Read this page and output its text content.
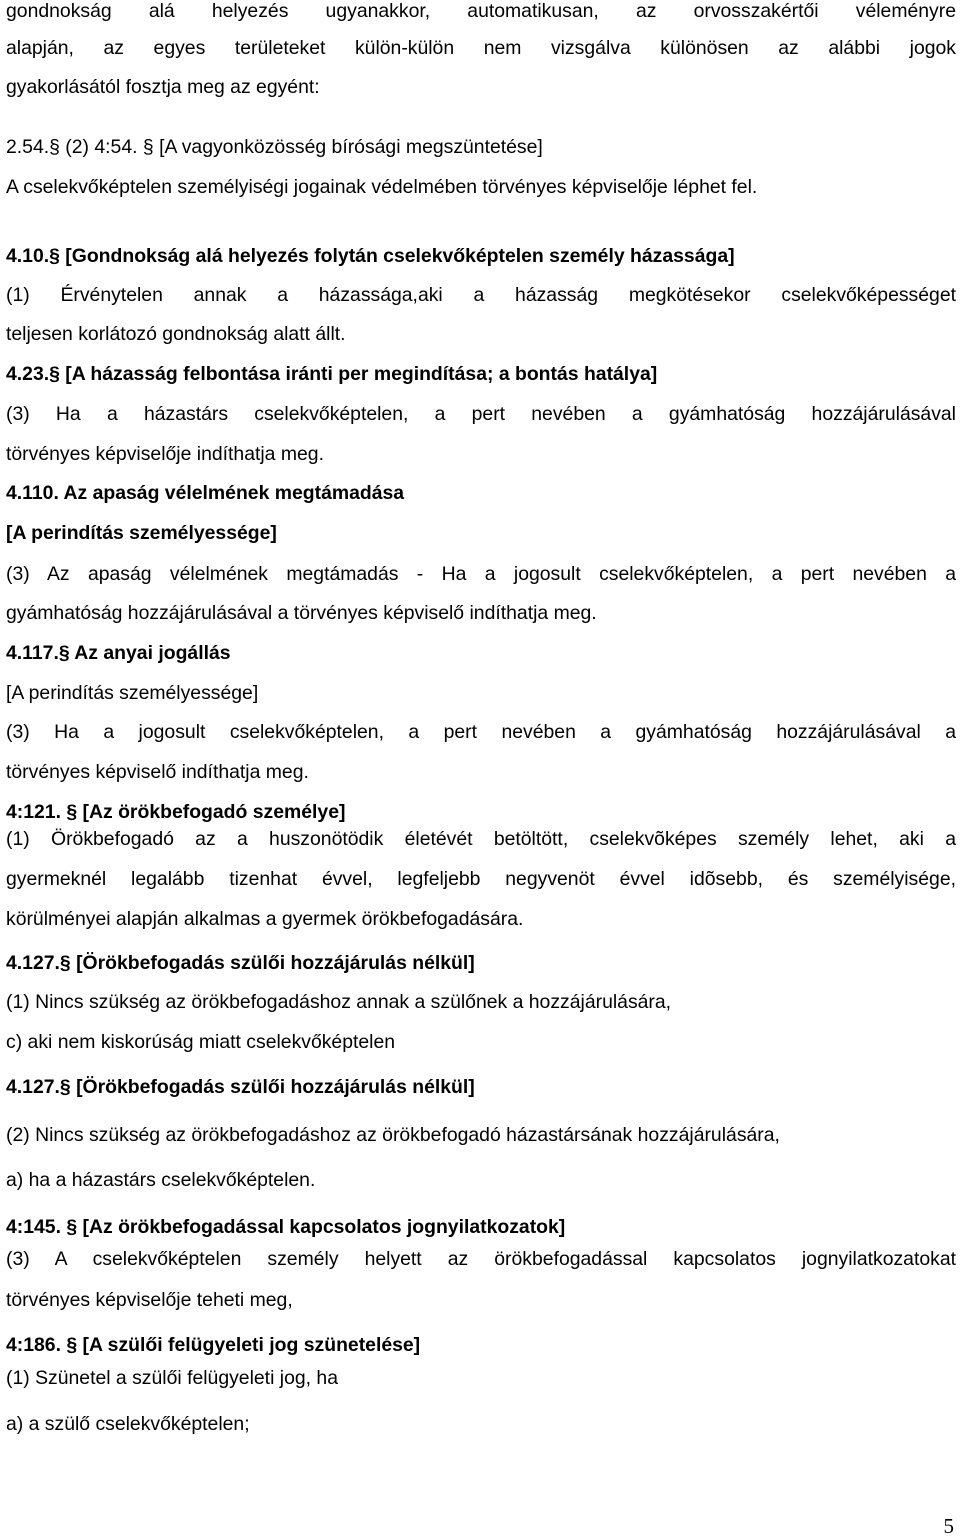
gondnokság alá helyezés ugyanakkor, automatikusan, az orvosszakértői véleményre

alapján, az egyes területeket külön-külön nem vizsgálva különösen az alábbi jogok

gyakorlásától fosztja meg az egyént:

2.54.§ (2) 4:54. § [A vagyonközösség bírósági megszüntetése]

A cselekvőképtelen személyiségi jogainak védelmében törvényes képviselője léphet fel.

4.10.§ [Gondnokság alá helyezés folytán cselekvőképtelen személy házassága]

(1) Érvénytelen annak a házassága,aki a házasság megkötésekor cselekvőképességet

teljesen korlátozó gondnokság alatt állt.

4.23.§ [A házasság felbontása iránti per megindítása; a bontás hatálya]

(3) Ha a házastárs cselekvőképtelen, a pert nevében a gyámhatóság hozzájárulásával

törvényes képviselője indíthatja meg.

4.110. Az apaság vélelmének megtámadása

[A perindítás személyessége]

(3) Az apaság vélelmének megtámadás - Ha a jogosult cselekvőképtelen, a pert nevében a

gyámhatóság hozzájárulásával a törvényes képviselő indíthatja meg.

4.117.§ Az anyai jogállás

[A perindítás személyessége]

(3) Ha a jogosult cselekvőképtelen, a pert nevében a gyámhatóság hozzájárulásával a

törvényes képviselő indíthatja meg.

4:121. § [Az örökbefogadó személye]

(1) Örökbefogadó az a huszonötödik életévét betöltött, cselekvõképes személy lehet, aki a

gyermeknél legalább tizenhat évvel, legfeljebb negyvenöt évvel idõsebb, és személyisége,

körülményei alapján alkalmas a gyermek örökbefogadására.

4.127.§ [Örökbefogadás szülői hozzájárulás nélkül]

(1) Nincs szükség az örökbefogadáshoz annak a szülőnek a hozzájárulására,

c) aki nem kiskorúság miatt cselekvőképtelen

4.127.§ [Örökbefogadás szülői hozzájárulás nélkül]

(2) Nincs szükség az örökbefogadáshoz az örökbefogadó házastársának hozzájárulására,

a) ha a házastárs cselekvőképtelen.

4:145. § [Az örökbefogadással kapcsolatos jognyilatkozatok]

(3) A cselekvőképtelen személy helyett az örökbefogadással kapcsolatos jognyilatkozatokat

törvényes képviselője teheti meg,

4:186. § [A szülői felügyeleti jog szünetelése]

(1) Szünetel a szülői felügyeleti jog, ha

a) a szülő cselekvőképtelen;

5
